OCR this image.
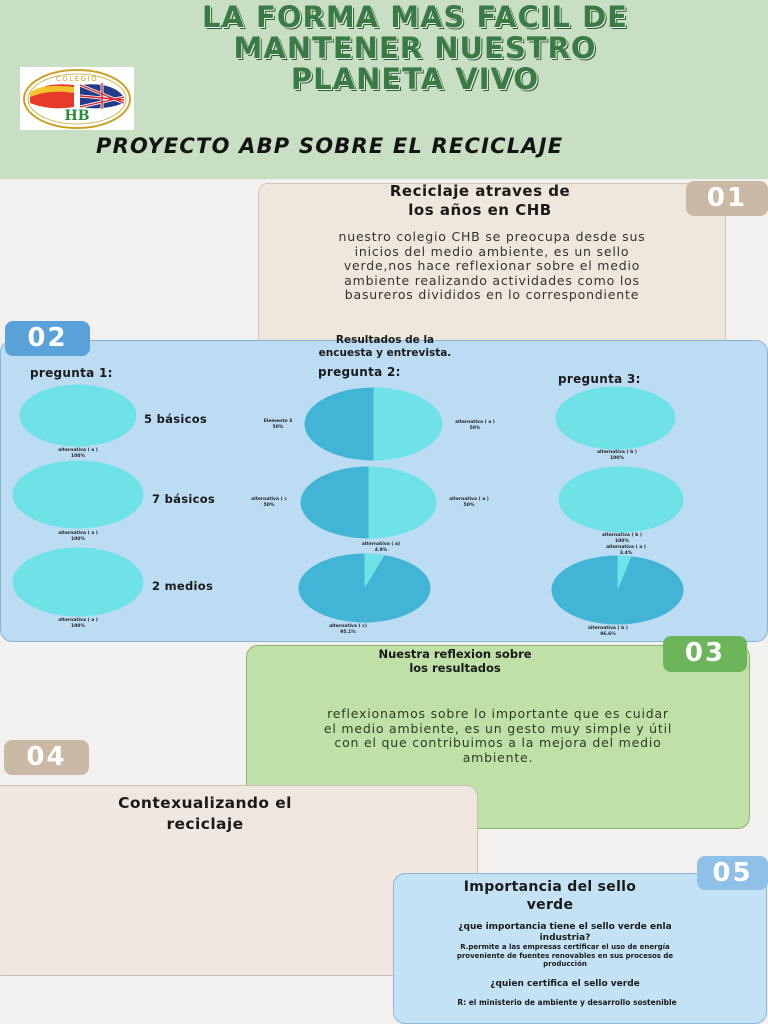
LA FORMA MAS FACIL DE
MANTENER NUESTRO
PLANETA VIVO
COLEGIO
HB
PROYECTO ABP SOBRE EL RECICLAJE
01
Reciclaje atraves de
los años en CHB

nuestro colegio CHB se preocupa desde sus
inicios del medio ambiente, es un sello
verde,nos hace reflexionar sobre el medio
ambiente realizando actividades como los
basureros divididos en lo correspondiente

02	Resultados de la
encuesta y entrevista.
pregunta 1:	pregunta 2:	pregunta 3:
5 básicos
7 básicos
2 medios
alternativa ( a )
100%
alternativa ( a )
100%
alternativa ( a )
100%
Elemento 3
50%
alternativa ( a )
50%
alternativa ( c
50%
alternativa ( a )
50%
alternativa ( a)
4.9%
alternativa ( c)
95.1%
alternativa ( b )
100%
alternativa ( b )
100%
alternativa ( a )
3.4%
alternativa ( b )
96.6%
03
Nuestra reflexion sobre
los resultados

reflexionamos sobre lo importante que es cuidar
el medio ambiente, es un gesto muy simple y útil
con el que contribuimos a la mejora del medio
ambiente.

04
Contexualizando el
reciclaje
05
Importancia del sello
verde

¿que importancia tiene el sello verde enla
industria?

R.permite a las empresas certificar el uso de energía
proveniente de fuentes renovables en sus procesos de
producción

¿quien certifica el sello verde

R: el ministerio de ambiente y desarrollo sostenible
